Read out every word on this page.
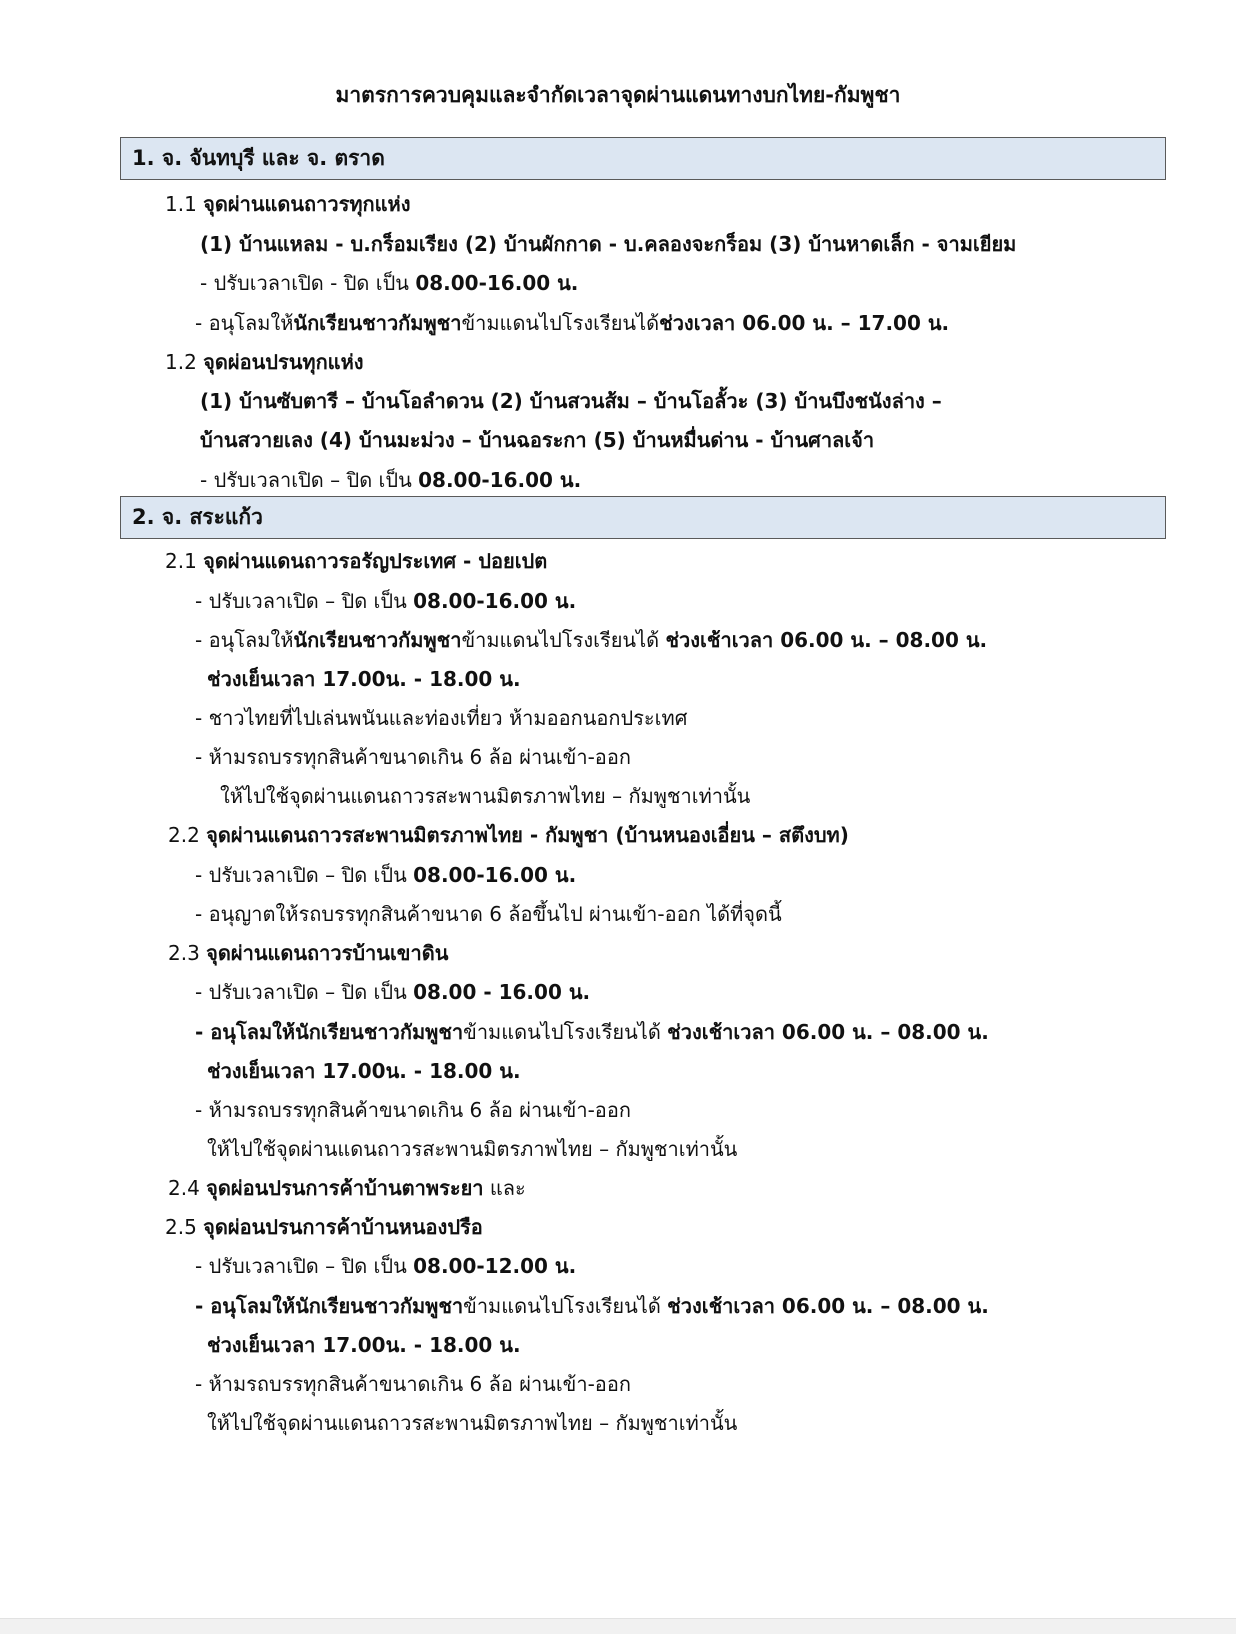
มาตรการควบคุมและจำกัดเวลาจุดผ่านแดนทางบกไทย-กัมพูชา
1. จ. จันทบุรี และ จ. ตราด
1.1 จุดผ่านแดนถาวรทุกแห่ง
(1) บ้านแหลม - บ.กร็อมเรียง (2) บ้านผักกาด - บ.คลองจะกร็อม (3) บ้านหาดเล็ก - จามเยียม
- ปรับเวลาเปิด - ปิด เป็น 08.00-16.00 น.
- อนุโลมให้นักเรียนชาวกัมพูชาข้ามแดนไปโรงเรียนได้ช่วงเวลา 06.00 น. – 17.00 น.
1.2 จุดผ่อนปรนทุกแห่ง
(1) บ้านซับตารี – บ้านโอลำดวน (2) บ้านสวนส้ม – บ้านโอลั้วะ (3) บ้านบึงชนังล่าง –
บ้านสวายเลง (4) บ้านมะม่วง – บ้านฉอระกา (5) บ้านหมื่นด่าน - บ้านศาลเจ้า
- ปรับเวลาเปิด – ปิด เป็น 08.00-16.00 น.
2. จ. สระแก้ว
2.1 จุดผ่านแดนถาวรอรัญประเทศ - ปอยเปต
- ปรับเวลาเปิด – ปิด เป็น 08.00-16.00 น.
- อนุโลมให้นักเรียนชาวกัมพูชาข้ามแดนไปโรงเรียนได้ ช่วงเช้าเวลา 06.00 น. – 08.00 น.
ช่วงเย็นเวลา 17.00น. - 18.00 น.
- ชาวไทยที่ไปเล่นพนันและท่องเที่ยว ห้ามออกนอกประเทศ
- ห้ามรถบรรทุกสินค้าขนาดเกิน 6 ล้อ ผ่านเข้า-ออก
ให้ไปใช้จุดผ่านแดนถาวรสะพานมิตรภาพไทย – กัมพูชาเท่านั้น
2.2 จุดผ่านแดนถาวรสะพานมิตรภาพไทย - กัมพูชา (บ้านหนองเอี่ยน – สตึงบท)
- ปรับเวลาเปิด – ปิด เป็น 08.00-16.00 น.
- อนุญาตให้รถบรรทุกสินค้าขนาด 6 ล้อขึ้นไป ผ่านเข้า-ออก ได้ที่จุดนี้
2.3 จุดผ่านแดนถาวรบ้านเขาดิน
- ปรับเวลาเปิด – ปิด เป็น 08.00 - 16.00 น.
- อนุโลมให้นักเรียนชาวกัมพูชาข้ามแดนไปโรงเรียนได้ ช่วงเช้าเวลา 06.00 น. – 08.00 น.
ช่วงเย็นเวลา 17.00น. - 18.00 น.
- ห้ามรถบรรทุกสินค้าขนาดเกิน 6 ล้อ ผ่านเข้า-ออก
ให้ไปใช้จุดผ่านแดนถาวรสะพานมิตรภาพไทย – กัมพูชาเท่านั้น
2.4 จุดผ่อนปรนการค้าบ้านตาพระยา และ
2.5 จุดผ่อนปรนการค้าบ้านหนองปรือ
- ปรับเวลาเปิด – ปิด เป็น 08.00-12.00 น.
- อนุโลมให้นักเรียนชาวกัมพูชาข้ามแดนไปโรงเรียนได้ ช่วงเช้าเวลา 06.00 น. – 08.00 น.
ช่วงเย็นเวลา 17.00น. - 18.00 น.
- ห้ามรถบรรทุกสินค้าขนาดเกิน 6 ล้อ ผ่านเข้า-ออก
ให้ไปใช้จุดผ่านแดนถาวรสะพานมิตรภาพไทย – กัมพูชาเท่านั้น
